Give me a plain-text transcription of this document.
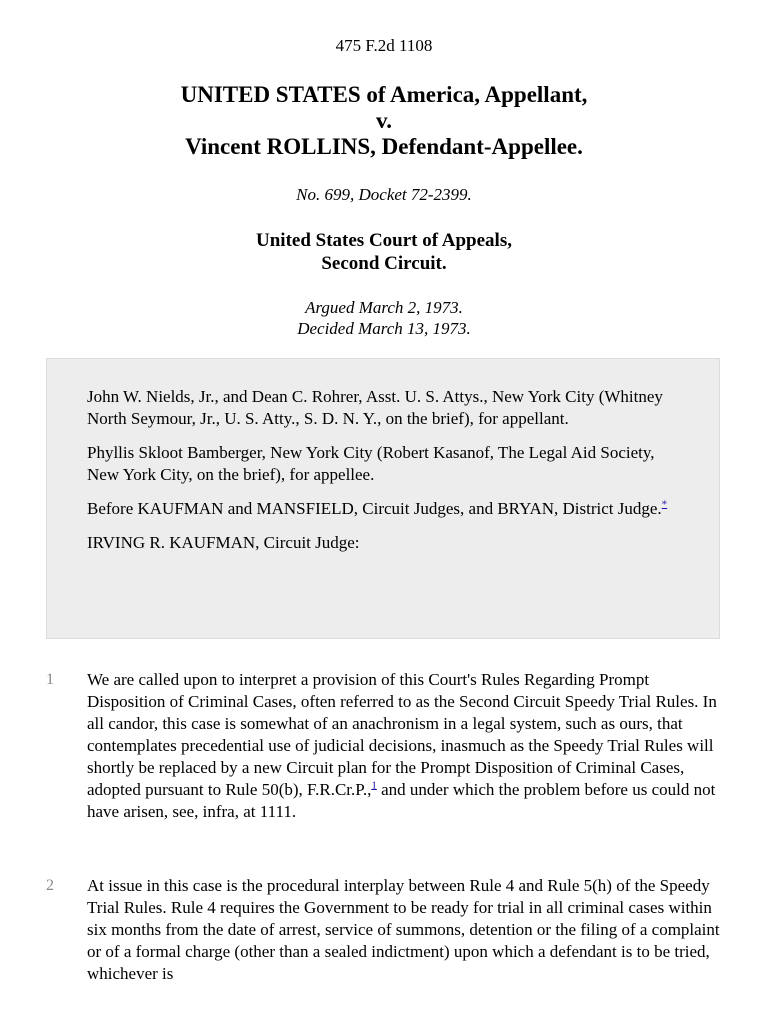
475 F.2d 1108
UNITED STATES of America, Appellant,
v.
Vincent ROLLINS, Defendant-Appellee.
No. 699, Docket 72-2399.
United States Court of Appeals,
Second Circuit.
Argued March 2, 1973.
Decided March 13, 1973.

John W. Nields, Jr., and Dean C. Rohrer, Asst. U. S. Attys., New York City (Whitney North Seymour, Jr., U. S. Atty., S. D. N. Y., on the brief), for appellant.

Phyllis Skloot Bamberger, New York City (Robert Kasanof, The Legal Aid Society, New York City, on the brief), for appellee.

Before KAUFMAN and MANSFIELD, Circuit Judges, and BRYAN, District Judge.*

IRVING R. KAUFMAN, Circuit Judge:

1 We are called upon to interpret a provision of this Court's Rules Regarding Prompt Disposition of Criminal Cases, often referred to as the Second Circuit Speedy Trial Rules. In all candor, this case is somewhat of an anachronism in a legal system, such as ours, that contemplates precedential use of judicial decisions, inasmuch as the Speedy Trial Rules will shortly be replaced by a new Circuit plan for the Prompt Disposition of Criminal Cases, adopted pursuant to Rule 50(b), F.R.Cr.P.,$^1$ and under which the problem before us could not have arisen, see, infra, at 1111.

2 At issue in this case is the procedural interplay between Rule 4 and Rule 5(h) of the Speedy Trial Rules. Rule 4 requires the Government to be ready for trial in all criminal cases within six months from the date of arrest, service of summons, detention or the filing of a complaint or of a formal charge (other than a sealed indictment) upon which a defendant is to be tried, whichever is
